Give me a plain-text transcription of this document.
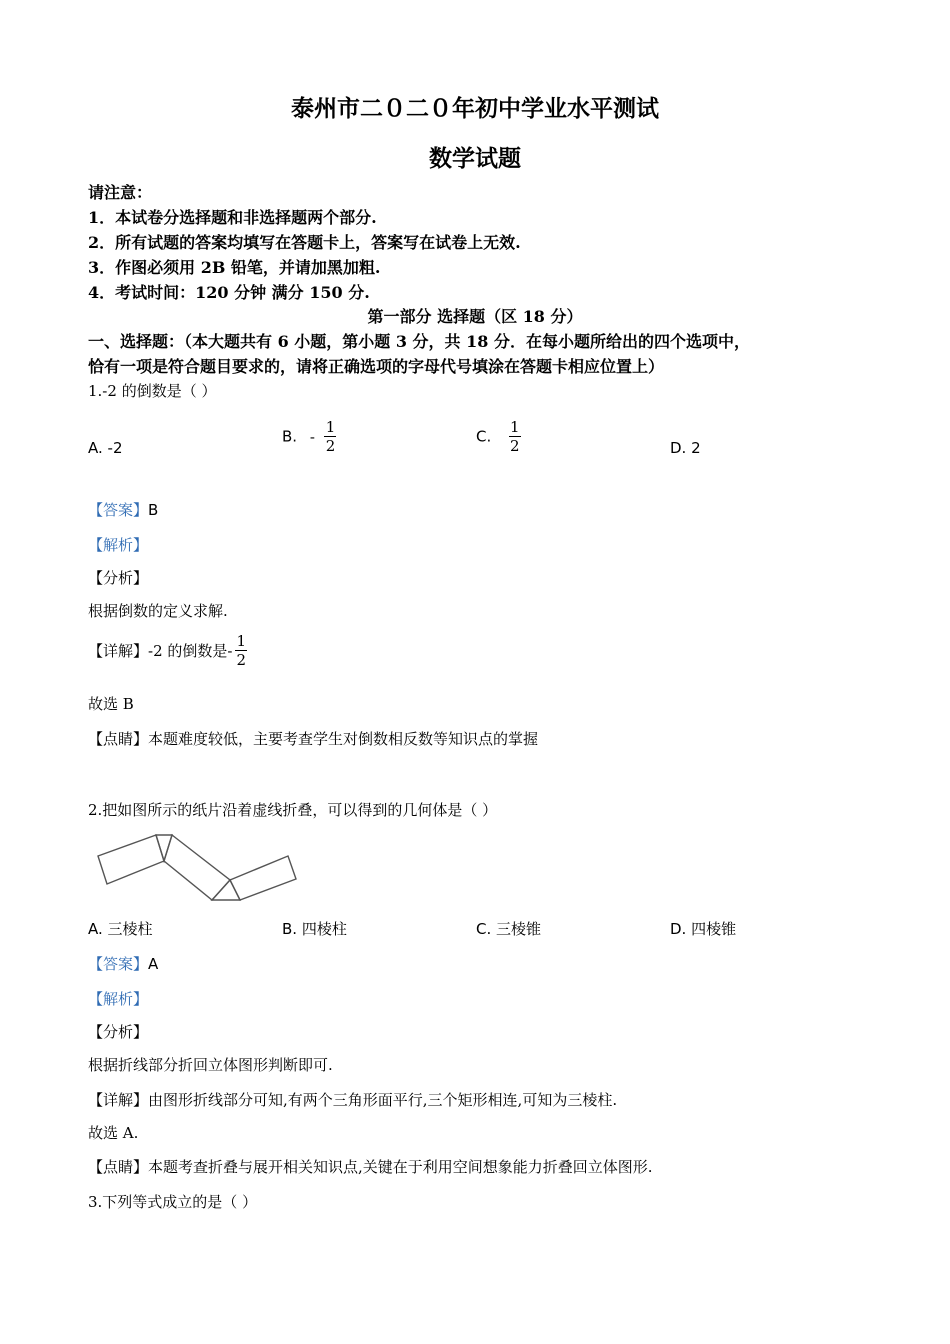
泰州市二０二０年初中学业水平测试
数学试题
请注意：
1．本试卷分选择题和非选择题两个部分.
2．所有试题的答案均填写在答题卡上，答案写在试卷上无效.
3．作图必须用 2B 铅笔，并请加黑加粗.
4．考试时间：120 分钟 满分 150 分.
第一部分 选择题（区 18 分）
一、选择题：（本大题共有 6 小题，第小题 3 分，共 18 分．在每小题所给出的四个选项中，
恰有一项是符合题目要求的，请将正确选项的字母代号填涂在答题卡相应位置上）
1.-2 的倒数是（ ）
A. -2
B. - $\frac{1}{2}$	C. $\frac{1}{2}$	D. 2
【答案】B
【解析】
【分析】
根据倒数的定义求解.
【详解】-2 的倒数是- $\frac{1}{2}$
故选 B
【点睛】本题难度较低，主要考查学生对倒数相反数等知识点的掌握
2.把如图所示的纸片沿着虚线折叠，可以得到的几何体是（ ）
A. 三棱柱	B. 四棱柱	C. 三棱锥	D. 四棱锥
【答案】A
【解析】
【分析】
根据折线部分折回立体图形判断即可.
【详解】由图形折线部分可知,有两个三角形面平行,三个矩形相连,可知为三棱柱.
故选 A.
【点睛】本题考查折叠与展开相关知识点,关键在于利用空间想象能力折叠回立体图形.
3.下列等式成立的是（ ）
